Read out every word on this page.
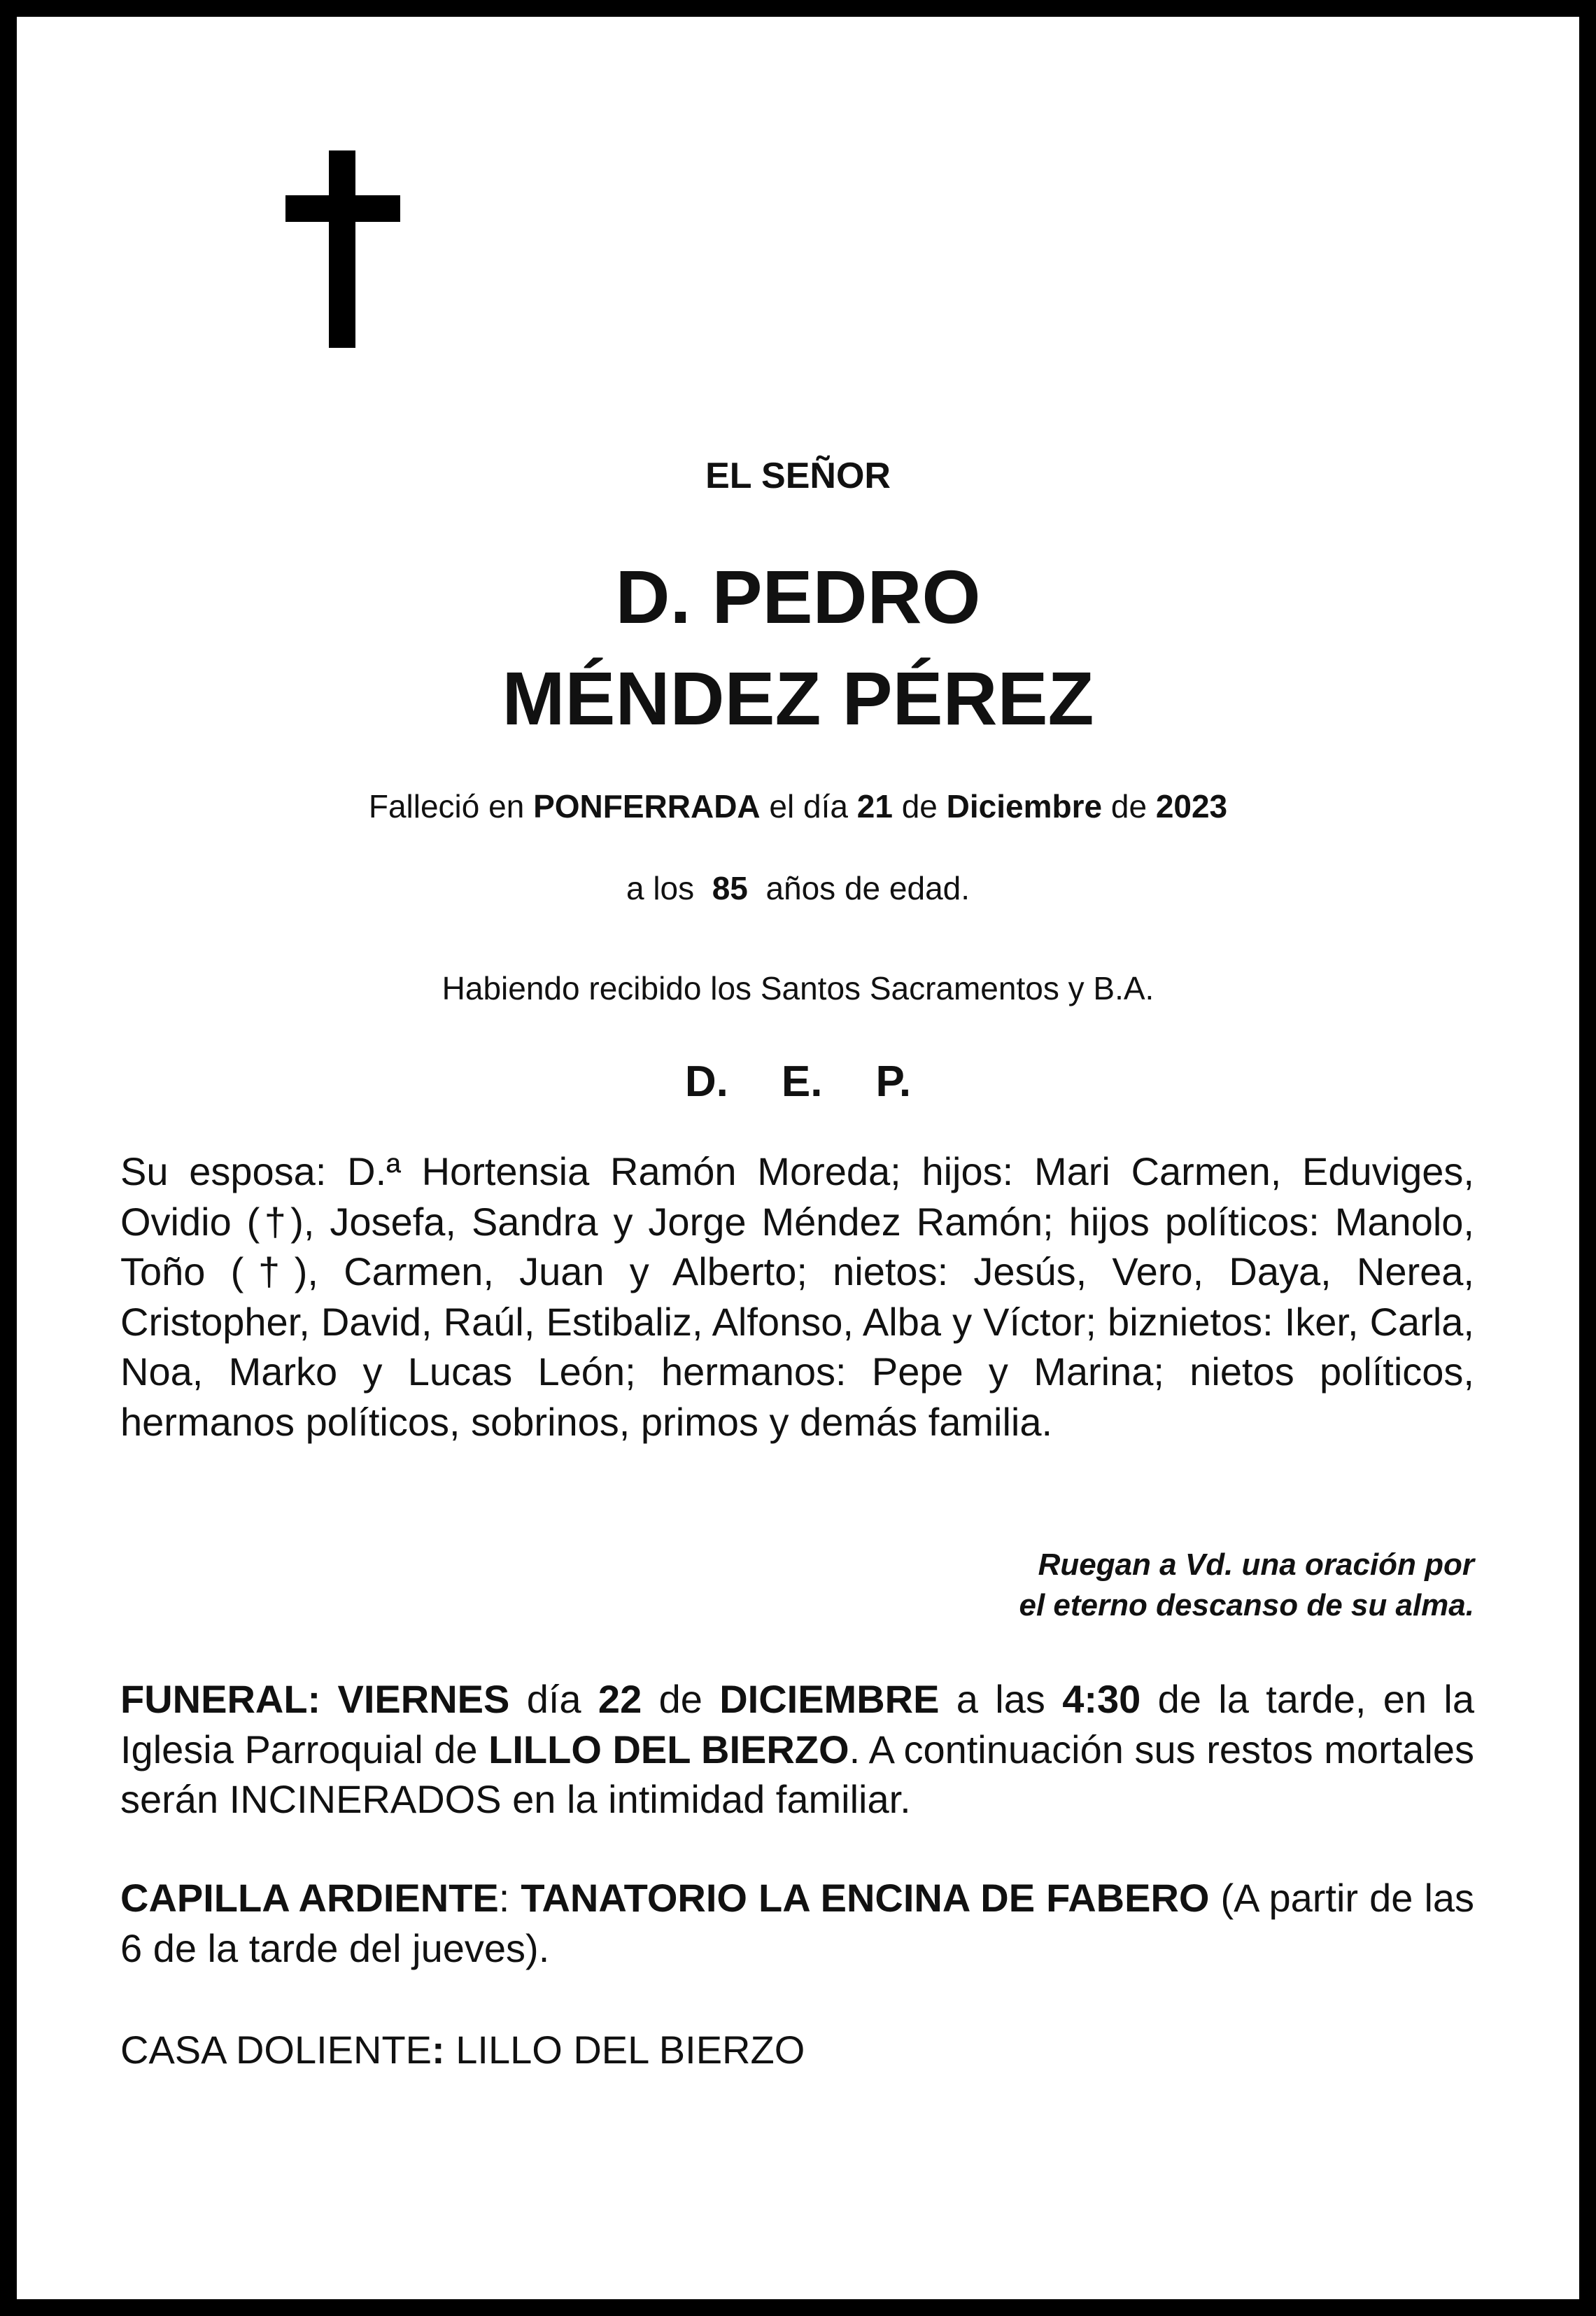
EL SEÑOR
D. PEDRO
MÉNDEZ PÉREZ
Falleció en PONFERRADA el día 21 de Diciembre de 2023
a los 85 años de edad.
Habiendo recibido los Santos Sacramentos y B.A.
D. E. P.
Su esposa: D.ª Hortensia Ramón Moreda; hijos: Mari Carmen, Eduviges, Ovidio (†), Josefa, Sandra y Jorge Méndez Ramón; hijos políticos: Manolo, Toño (†), Carmen, Juan y Alberto; nietos: Jesús, Vero, Daya, Nerea, Cristopher, David, Raúl, Estibaliz, Alfonso, Alba y Víctor; biznietos: Iker, Carla, Noa, Marko y Lucas León; hermanos: Pepe y Marina; nietos políticos, hermanos políticos, sobrinos, primos y demás familia.
Ruegan a Vd. una oración por
el eterno descanso de su alma.
FUNERAL: VIERNES día 22 de DICIEMBRE a las 4:30 de la tarde, en la Iglesia Parroquial de LILLO DEL BIERZO. A continuación sus restos mortales serán INCINERADOS en la intimidad familiar.
CAPILLA ARDIENTE: TANATORIO LA ENCINA DE FABERO (A partir de las 6 de la tarde del jueves).
CASA DOLIENTE: LILLO DEL BIERZO
